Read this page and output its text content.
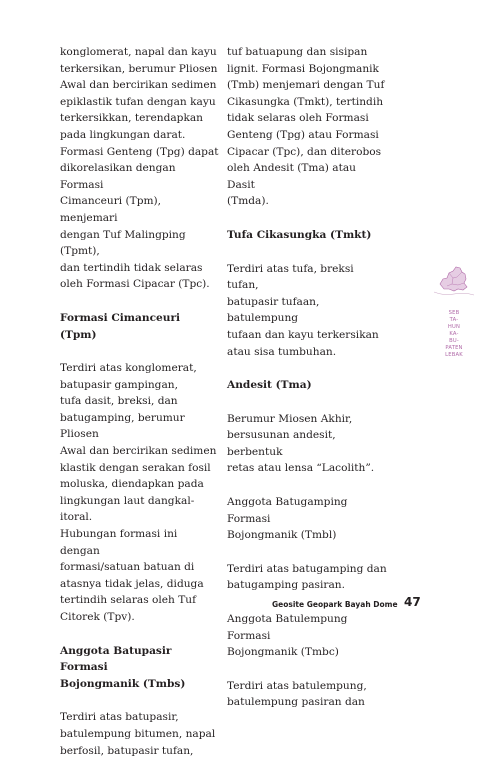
konglomerat, napal dan kayu
terkersikan, berumur Pliosen
Awal dan bercirikan sedimen
epiklastik tufan dengan kayu
terkersikkan, terendapkan
pada lingkungan darat.
Formasi Genteng (Tpg) dapat
dikorelasikan dengan Formasi
Cimanceuri (Tpm), menjemari
dengan Tuf Malingping (Tpmt),
dan tertindih tidak selaras
oleh Formasi Cipacar (Tpc).
Formasi Cimanceuri (Tpm)
Terdiri atas konglomerat,
batupasir gampingan,
tufa dasit, breksi, dan
batugamping, berumur Pliosen
Awal dan bercirikan sedimen
klastik dengan serakan fosil
moluska, diendapkan pada
lingkungan laut dangkal-itoral.
Hubungan formasi ini dengan
formasi/satuan batuan di
atasnya tidak jelas, diduga
tertindih selaras oleh Tuf
Citorek (Tpv).
Anggota Batupasir Formasi
Bojongmanik (Tmbs)
Terdiri atas batupasir,
batulempung bitumen, napal
berfosil, batupasir tufan,
tuf batuapung dan sisipan
lignit. Formasi Bojongmanik
(Tmb) menjemari dengan Tuf
Cikasungka (Tmkt), tertindih
tidak selaras oleh Formasi
Genteng (Tpg) atau Formasi
Cipacar (Tpc), dan diterobos
oleh Andesit (Tma) atau Dasit
(Tmda).
Tufa Cikasungka (Tmkt)
Terdiri atas tufa, breksi tufan,
batupasir tufaan, batulempung
tufaan dan kayu terkersikan
atau sisa tumbuhan.
Andesit (Tma)
Berumur Miosen Akhir,
bersusunan andesit, berbentuk
retas atau lensa “Lacolith”.
Anggota Batugamping Formasi
Bojongmanik (Tmbl)
Terdiri atas batugamping dan
batugamping pasiran.
Anggota Batulempung Formasi
Bojongmanik (Tmbc)
Terdiri atas batulempung,
batulempung pasiran dan
SEB
TA-
HUN
KA-
BU-
PATEN
LEBAK
Geosite Geopark Bayah Dome 47
